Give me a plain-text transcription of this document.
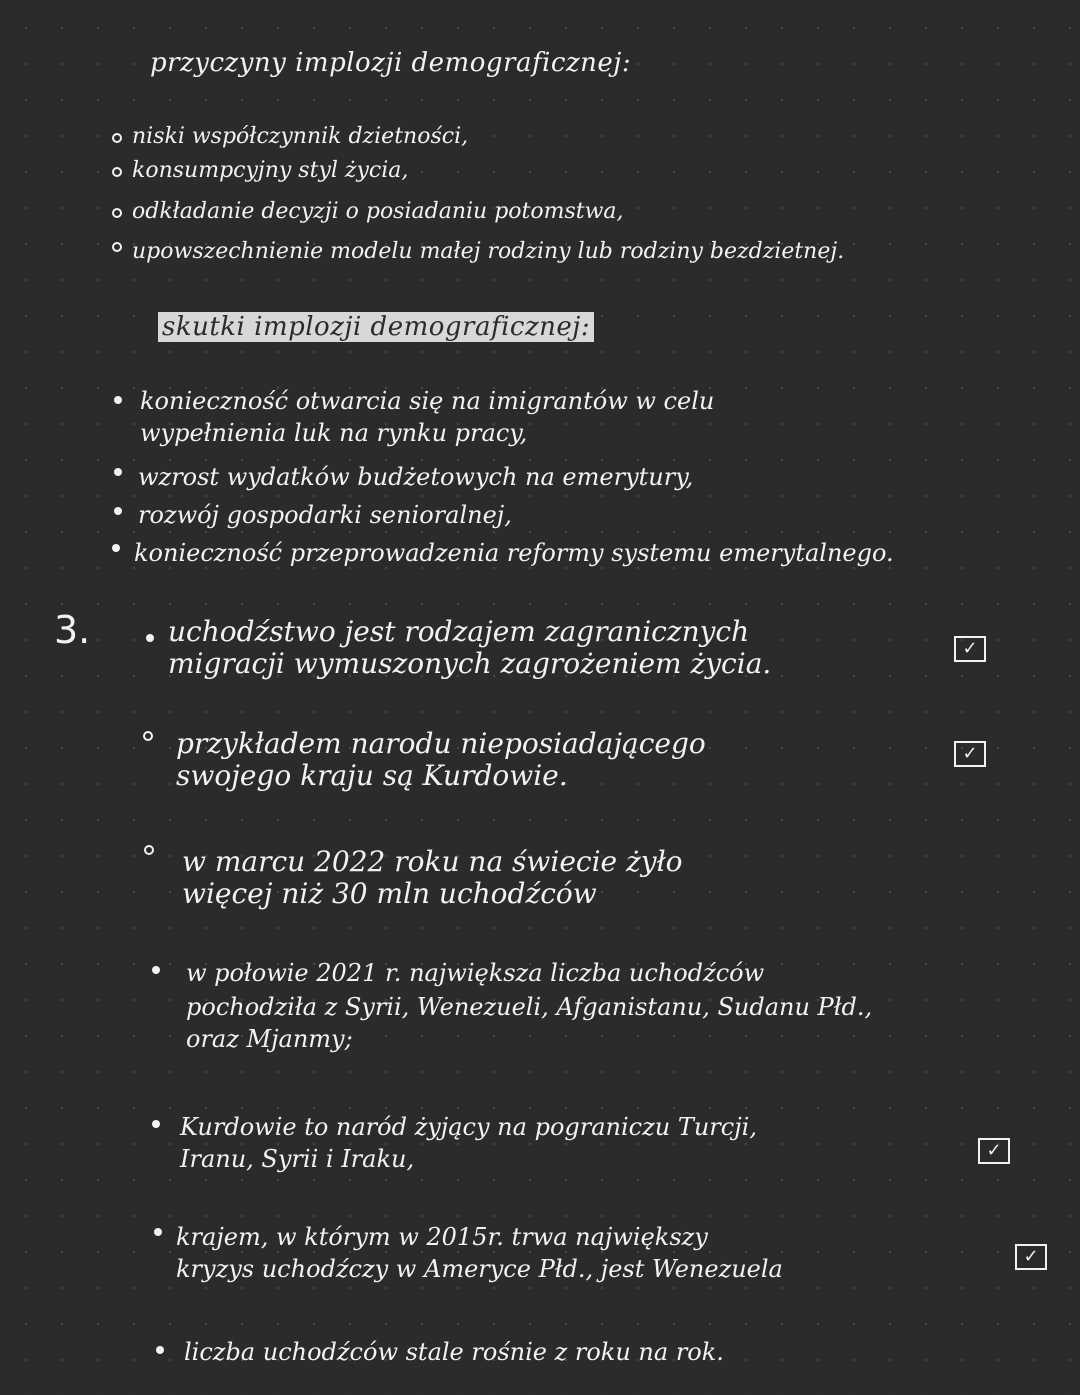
przyczyny implozji demograficznej:
niski współczynnik dzietności,
konsumpcyjny styl życia,
odkładanie decyzji o posiadaniu potomstwa,
upowszechnienie modelu małej rodziny lub rodziny bezdzietnej.
skutki implozji demograficznej:
konieczność otwarcia się na imigrantów w celu
wypełnienia luk na rynku pracy,
wzrost wydatków budżetowych na emerytury,
rozwój gospodarki senioralnej,
konieczność przeprowadzenia reformy systemu emerytalnego.
3.	uchodźstwo jest rodzajem zagranicznych
migracji wymuszonych zagrożeniem życia.	✓
przykładem narodu nieposiadającego
swojego kraju są Kurdowie.
✓
w marcu 2022 roku na świecie żyło
więcej niż 30 mln uchodźców
w połowie 2021 r. największa liczba uchodźców
pochodziła z Syrii, Wenezueli, Afganistanu, Sudanu Płd.,
oraz Mjanmy;
Kurdowie to naród żyjący na pograniczu Turcji,
Iranu, Syrii i Iraku,	✓
krajem, w którym w 2015r. trwa największy
kryzys uchodźczy w Ameryce Płd., jest Wenezuela	✓
liczba uchodźców stale rośnie z roku na rok.
